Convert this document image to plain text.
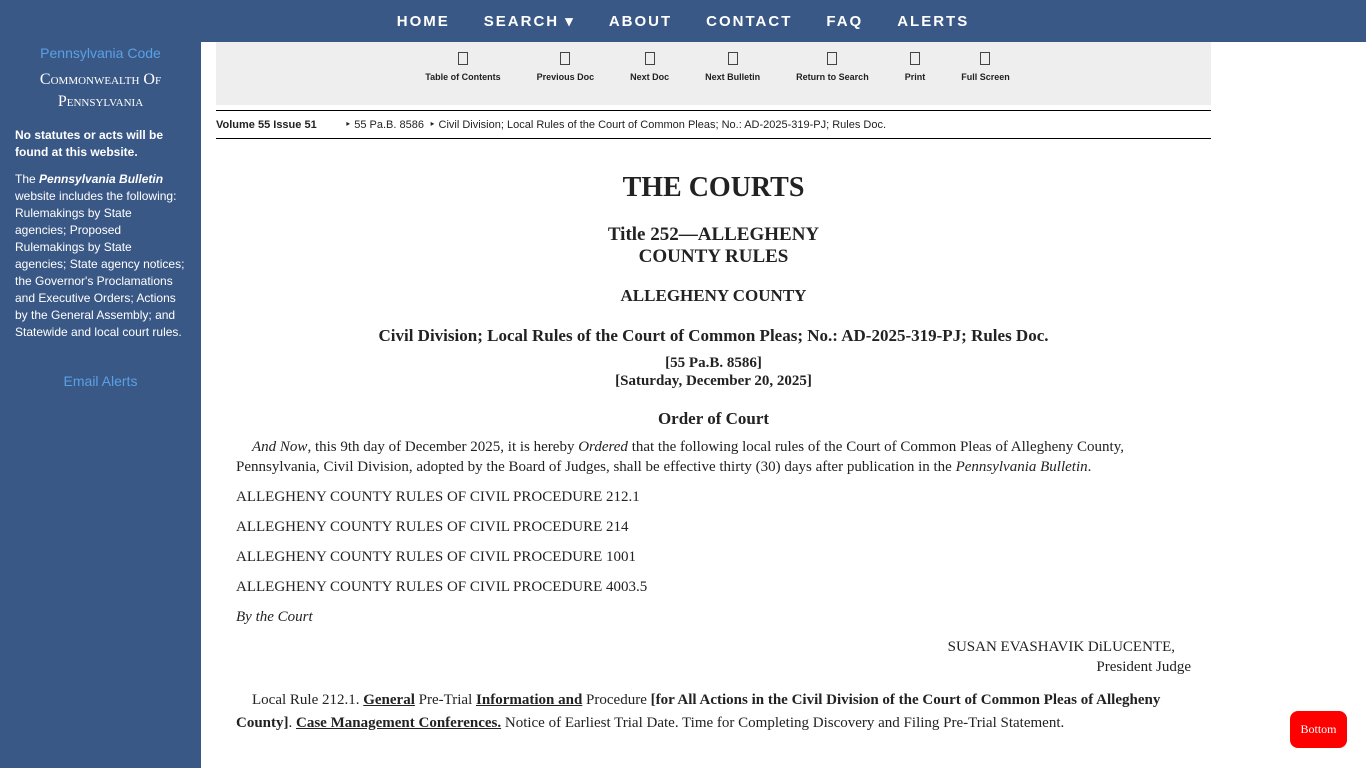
HOME	SEARCH ▾	ABOUT	CONTACT	FAQ	ALERTS
Pennsylvania Code
Commonwealth Of
Pennsylvania

No statutes or acts will be found at this website.

The Pennsylvania Bulletin website includes the following: Rulemakings by State agencies; Proposed Rulemakings by State agencies; State agency notices; the Governor's Proclamations and Executive Orders; Actions by the General Assembly; and Statewide and local court rules.

Email Alerts
Table of Contents	Previous Doc	Next Doc	Next Bulletin	Return to Search	Print	Full Screen
Volume 55 Issue 51	‣ 55 Pa.B. 8586 ‣ Civil Division; Local Rules of the Court of Common Pleas; No.: AD-2025-319-PJ; Rules Doc.
THE COURTS
Title 252—ALLEGHENY
COUNTY RULES
ALLEGHENY COUNTY
Civil Division; Local Rules of the Court of Common Pleas; No.: AD-2025-319-PJ; Rules Doc.
[55 Pa.B. 8586]
[Saturday, December 20, 2025]
Order of Court

And Now, this 9th day of December 2025, it is hereby Ordered that the following local rules of the Court of Common Pleas of Allegheny County, Pennsylvania, Civil Division, adopted by the Board of Judges, shall be effective thirty (30) days after publication in the Pennsylvania Bulletin.

ALLEGHENY COUNTY RULES OF CIVIL PROCEDURE 212.1

ALLEGHENY COUNTY RULES OF CIVIL PROCEDURE 214

ALLEGHENY COUNTY RULES OF CIVIL PROCEDURE 1001

ALLEGHENY COUNTY RULES OF CIVIL PROCEDURE 4003.5

By the Court

SUSAN EVASHAVIK DiLUCENTE,
President Judge

Local Rule 212.1. General Pre-Trial Information and Procedure [for All Actions in the Civil Division of the Court of Common Pleas of Allegheny County]. Case Management Conferences. Notice of Earliest Trial Date. Time for Completing Discovery and Filing Pre-Trial Statement.	Bottom
